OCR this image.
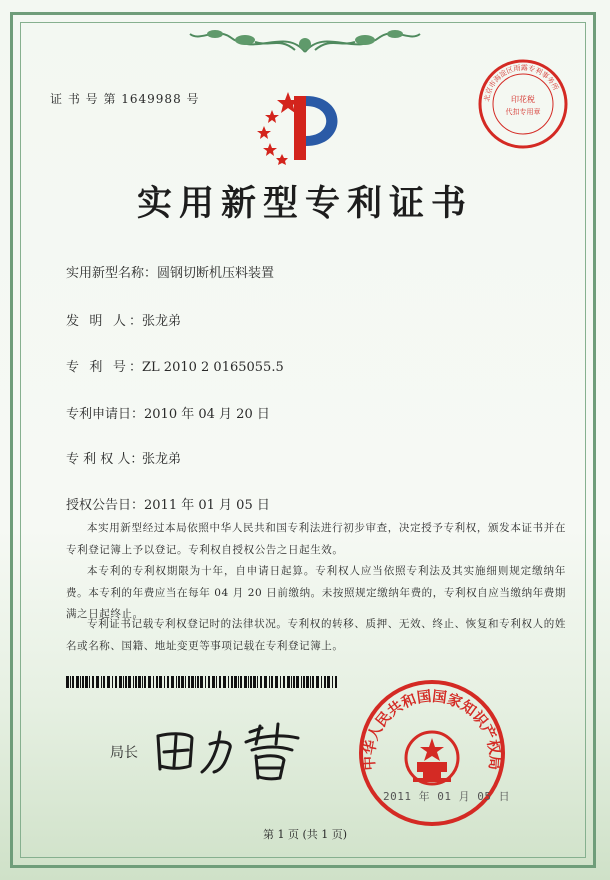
证 书 号 第 1649988 号	北京市海淀区雨露专利事务所
印花税
代扣专用章
实用新型专利证书
实用新型名称：圆钢切断机压料装置
发 明 人：张龙弟
专 利 号：ZL 2010 2 0165055.5
专利申请日：2010 年 04 月 20 日
专 利 权 人：张龙弟
授权公告日：2011 年 01 月 05 日
本实用新型经过本局依照中华人民共和国专利法进行初步审查，决定授予专利权，颁发本证书并在专利登记簿上予以登记。专利权自授权公告之日起生效。
本专利的专利权期限为十年，自申请日起算。专利权人应当依照专利法及其实施细则规定缴纳年费。本专利的年费应当在每年 04 月 20 日前缴纳。未按照规定缴纳年费的，专利权自应当缴纳年费期满之日起终止。
专利证书记载专利权登记时的法律状况。专利权的转移、质押、无效、终止、恢复和专利权人的姓名或名称、国籍、地址变更等事项记载在专利登记簿上。
局长
中华人民共和国国家知识产权局
2011 年 01 月 05 日
第 1 页 (共 1 页)
